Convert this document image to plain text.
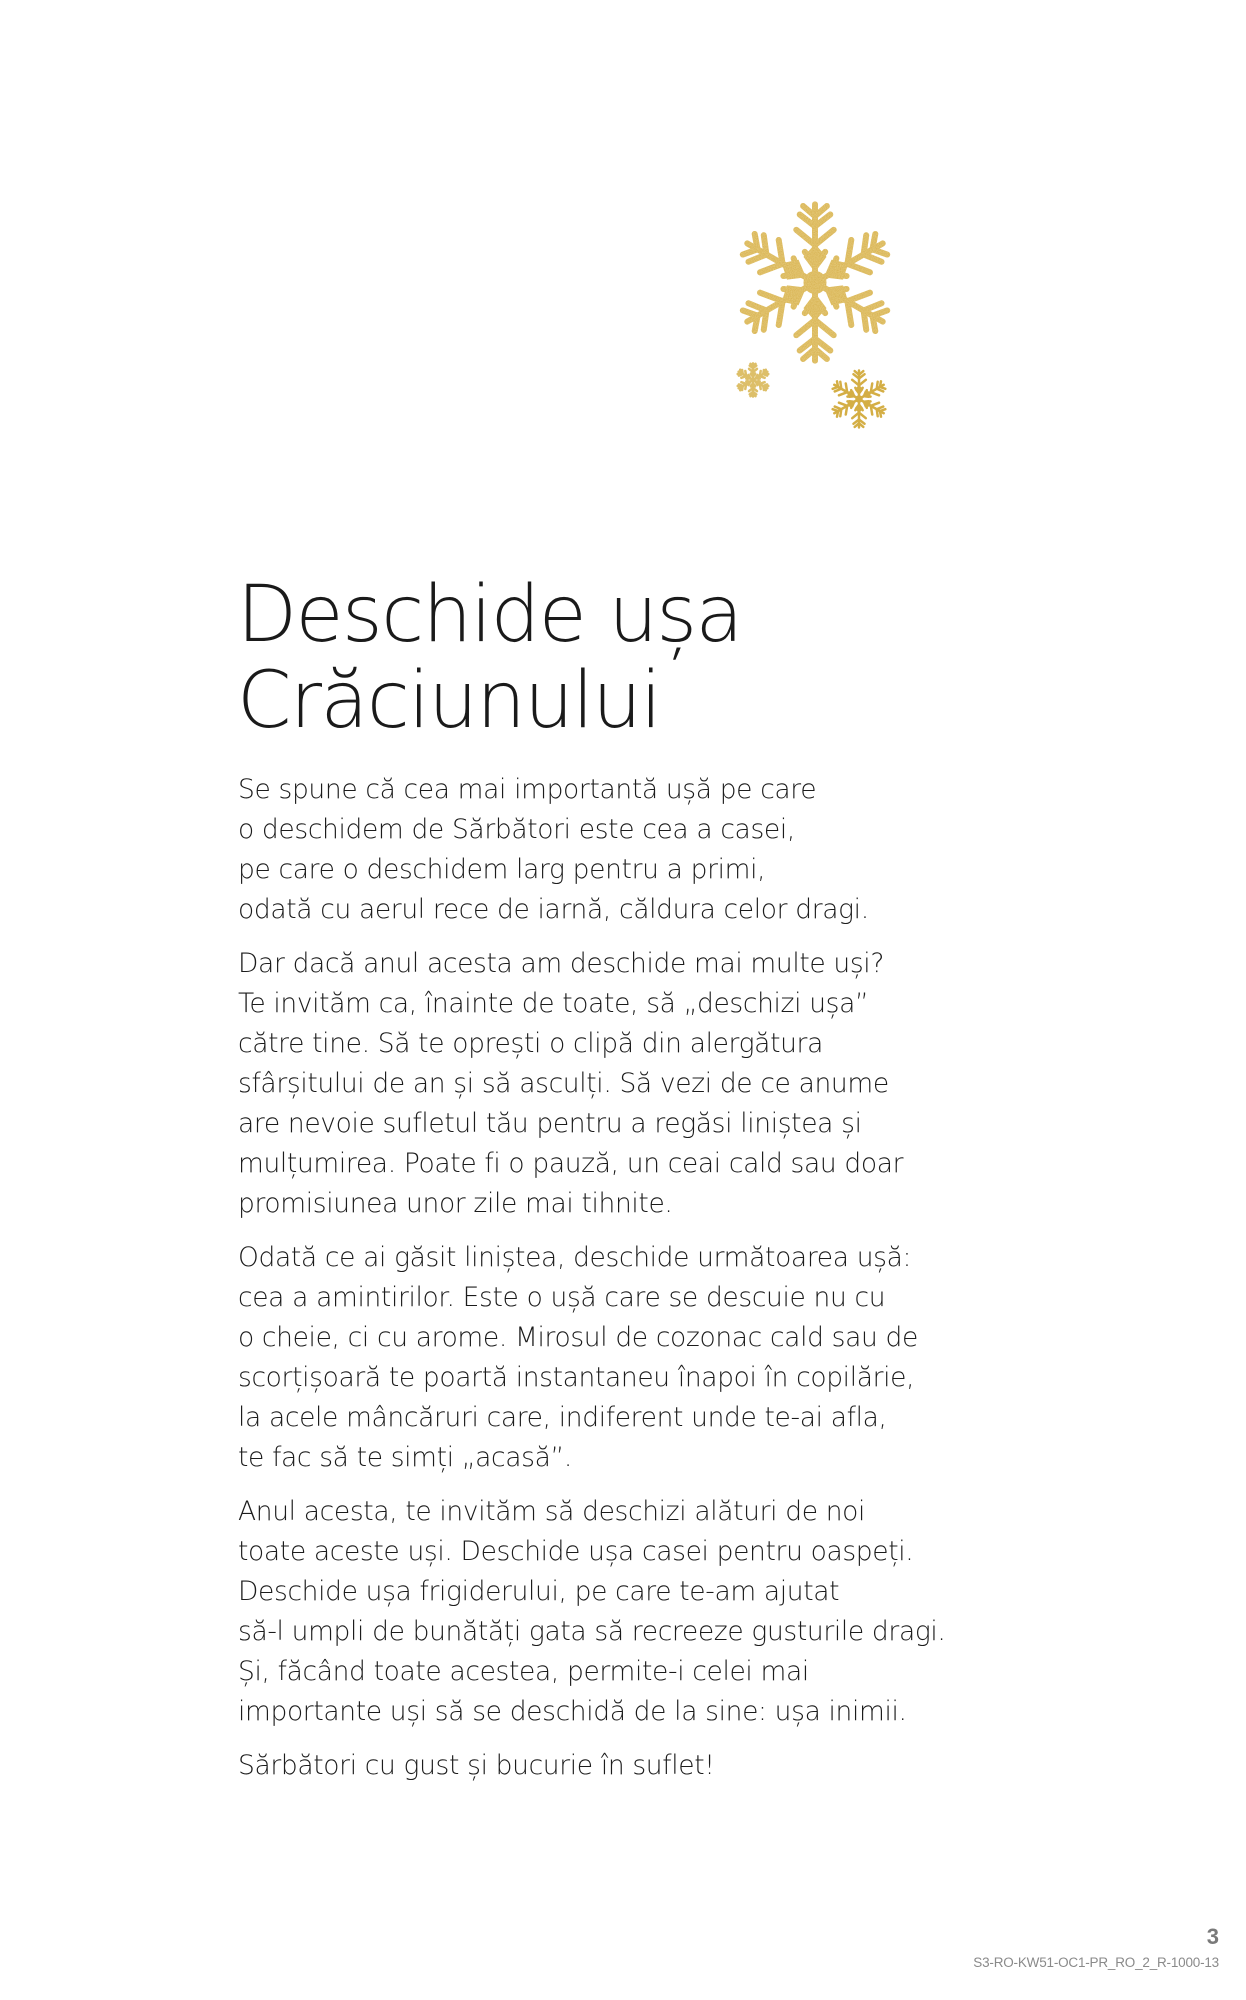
Deschide ușa
Crăciunului

Se spune că cea mai importantă ușă pe care
o deschidem de Sărbători este cea a casei,
pe care o deschidem larg pentru a primi,
odată cu aerul rece de iarnă, căldura celor dragi.

Dar dacă anul acesta am deschide mai multe uși?
Te invităm ca, înainte de toate, să „deschizi ușa”
către tine. Să te oprești o clipă din alergătura
sfârșitului de an și să asculți. Să vezi de ce anume
are nevoie sufletul tău pentru a regăsi liniștea și
mulțumirea. Poate fi o pauză, un ceai cald sau doar
promisiunea unor zile mai tihnite.

Odată ce ai găsit liniștea, deschide următoarea ușă:
cea a amintirilor. Este o ușă care se descuie nu cu
o cheie, ci cu arome. Mirosul de cozonac cald sau de
scorțișoară te poartă instantaneu înapoi în copilărie,
la acele mâncăruri care, indiferent unde te-ai afla,
te fac să te simți „acasă”.

Anul acesta, te invităm să deschizi alături de noi
toate aceste uși. Deschide ușa casei pentru oaspeți.
Deschide ușa frigiderului, pe care te-am ajutat
să-l umpli de bunătăți gata să recreeze gusturile dragi.
Și, făcând toate acestea, permite-i celei mai
importante uși să se deschidă de la sine: ușa inimii.

Sărbători cu gust și bucurie în suflet!

3
S3-RO-KW51-OC1-PR_RO_2_R-1000-13
